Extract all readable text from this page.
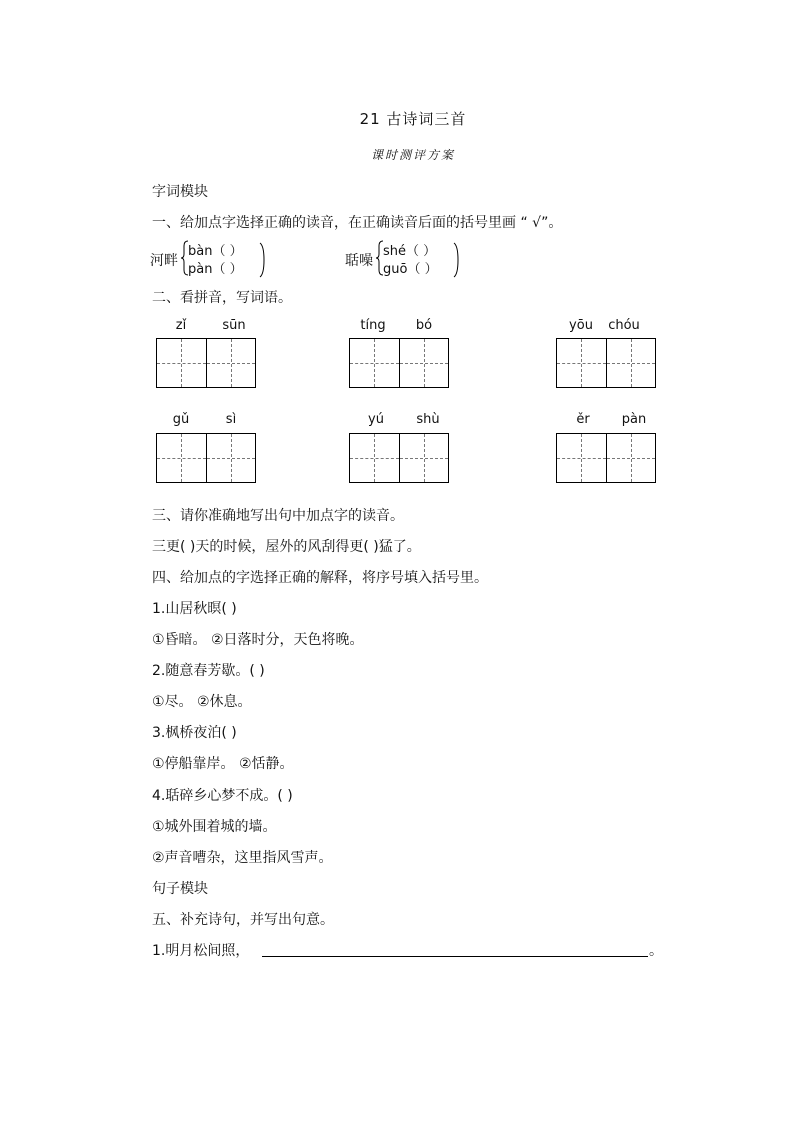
21 古诗词三首
课时测评方案
字词模块
一、给加点字选择正确的读音，在正确读音后面的括号里画 “ √”。
河畔
bàn（ ）
pàn（ ）
聒噪
shé（ ）
guō（ ）
二、看拼音，写词语。
zǐ	sūn	tíng	bó	yōu	chóu
gǔ	sì	yú	shù	ěr	pàn
三、请你准确地写出句中加点字的读音。
三更( )天的时候，屋外的风刮得更( )猛了。
四、给加点的字选择正确的解释，将序号填入括号里。
1.山居秋暝( )
①昏暗。 ②日落时分，天色将晚。
2.随意春芳歇。( )
①尽。 ②休息。
3.枫桥夜泊( )
①停船靠岸。 ②恬静。
4.聒碎乡心梦不成。( )
①城外围着城的墙。
②声音嘈杂，这里指风雪声。
句子模块
五、补充诗句，并写出句意。
1.明月松间照，	。
